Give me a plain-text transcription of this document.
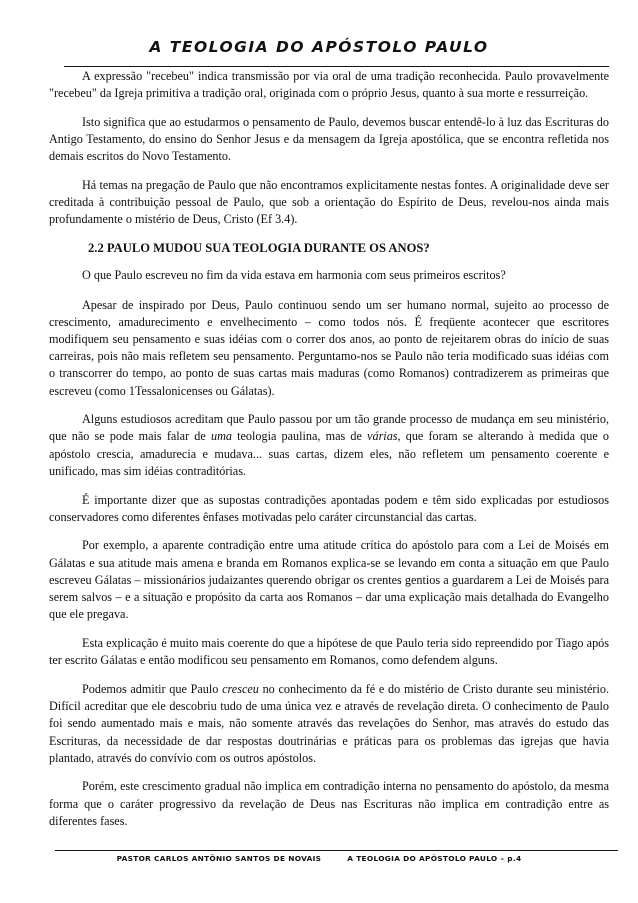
A TEOLOGIA DO APÓSTOLO PAULO

A expressão "recebeu" indica transmissão por via oral de uma tradição reconhecida. Paulo provavelmente "recebeu" da Igreja primitiva a tradição oral, originada com o próprio Jesus, quanto à sua morte e ressurreição.

Isto significa que ao estudarmos o pensamento de Paulo, devemos buscar entendê-lo à luz das Escrituras do Antigo Testamento, do ensino do Senhor Jesus e da mensagem da Igreja apostólica, que se encontra refletida nos demais escritos do Novo Testamento.

Há temas na pregação de Paulo que não encontramos explicitamente nestas fontes. A originalidade deve ser creditada à contribuição pessoal de Paulo, que sob a orientação do Espírito de Deus, revelou-nos ainda mais profundamente o mistério de Deus, Cristo (Ef 3.4).

2.2 PAULO MUDOU SUA TEOLOGIA DURANTE OS ANOS?

O que Paulo escreveu no fim da vida estava em harmonia com seus primeiros escritos?

Apesar de inspirado por Deus, Paulo continuou sendo um ser humano normal, sujeito ao processo de crescimento, amadurecimento e envelhecimento – como todos nós. É freqüente acontecer que escritores modifiquem seu pensamento e suas idéias com o correr dos anos, ao ponto de rejeitarem obras do início de suas carreiras, pois não mais refletem seu pensamento. Perguntamo-nos se Paulo não teria modificado suas idéias com o transcorrer do tempo, ao ponto de suas cartas mais maduras (como Romanos) contradizerem as primeiras que escreveu (como 1Tessalonicenses ou Gálatas).

Alguns estudiosos acreditam que Paulo passou por um tão grande processo de mudança em seu ministério, que não se pode mais falar de uma teologia paulina, mas de várias, que foram se alterando à medida que o apóstolo crescia, amadurecia e mudava... suas cartas, dizem eles, não refletem um pensamento coerente e unificado, mas sim idéias contraditórias.

É importante dizer que as supostas contradições apontadas podem e têm sido explicadas por estudiosos conservadores como diferentes ênfases motivadas pelo caráter circunstancial das cartas.

Por exemplo, a aparente contradição entre uma atitude crítica do apóstolo para com a Lei de Moisés em Gálatas e sua atitude mais amena e branda em Romanos explica-se se levando em conta a situação em que Paulo escreveu Gálatas – missionários judaizantes querendo obrigar os crentes gentios a guardarem a Lei de Moisés para serem salvos – e a situação e propósito da carta aos Romanos – dar uma explicação mais detalhada do Evangelho que ele pregava.

Esta explicação é muito mais coerente do que a hipótese de que Paulo teria sido repreendido por Tiago após ter escrito Gálatas e então modificou seu pensamento em Romanos, como defendem alguns.

Podemos admitir que Paulo cresceu no conhecimento da fé e do mistério de Cristo durante seu ministério. Difícil acreditar que ele descobriu tudo de uma única vez e através de revelação direta. O conhecimento de Paulo foi sendo aumentado mais e mais, não somente através das revelações do Senhor, mas através do estudo das Escrituras, da necessidade de dar respostas doutrinárias e práticas para os problemas das igrejas que havia plantado, através do convívio com os outros apóstolos.

Porém, este crescimento gradual não implica em contradição interna no pensamento do apóstolo, da mesma forma que o caráter progressivo da revelação de Deus nas Escrituras não implica em contradição entre as diferentes fases.

PASTOR CARLOS ANTÔNIO SANTOS DE NOVAIS	A TEOLOGIA DO APÓSTOLO PAULO – p.4
